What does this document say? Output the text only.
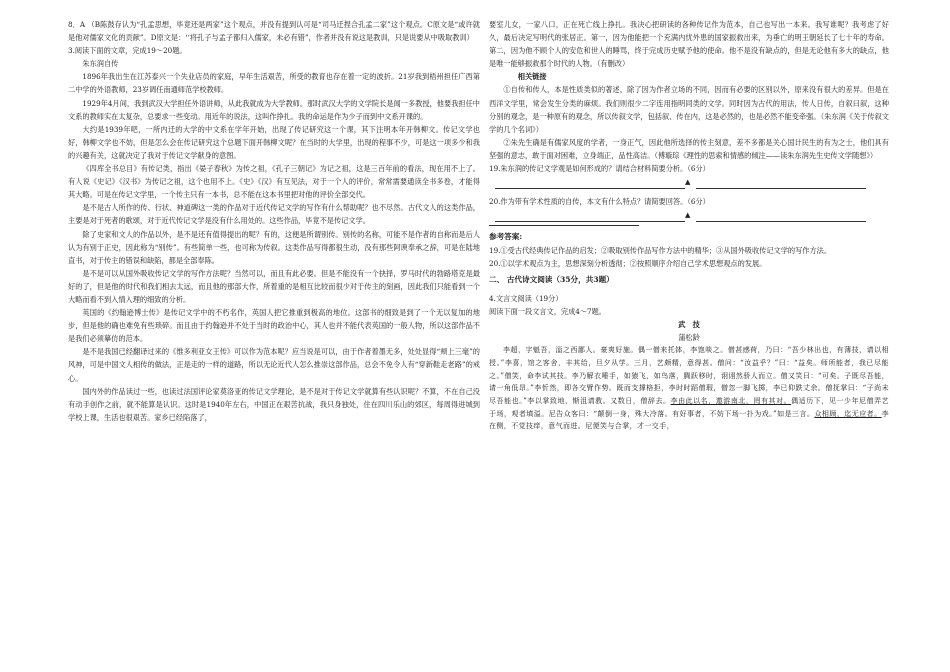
8．A （B陈鼓存认为“孔孟思想，毕竟还是两家”这个观点，并没有提到认可是“司马迁捏合孔孟二家”这个观点。C原文是“或许就是他对儒家文化的贡献”。D原文是：‘‘将孔子与孟子都归入儒家，未必有错”，作者并没有说这是教训，只是说要从中吸取教训）

3.阅读下面的文章，完成19～20题。

朱东润自传

1896年我出生在江苏泰兴一个失业店员的家庭，早年生活艰苦，所受的教育也存在着一定的波折。21岁我到梧州担任广西第二中学的外语教师，23岁调任南通师范学校教师。

1929年4月间，我到武汉大学担任外语讲师，从此我就成为大学教师。那时武汉大学的文学院长是闻一多教授，他要我担任中文系的教师实在太复杂，总要求一些变动。用近年的说法，这叫作挣扎。我的命运是作为少子而到中文系开课的。

大约是1939年吧，一所内迁的大学的中文系在学年开始，出现了传记研究这一个课，其下注明本年开韩柳文。传记文学也好，韩柳文学也不妨，但是怎么会在传记研究这个总题下面开韩柳文呢？在当时的大学里，出现的程事不少，可是这一项多少和我的兴趣有关，这就决定了我对于传记文学献身的意图。

《四库全书总目》有传记类，指出《晏子春秋》为传之祖，《孔子三朝记》为记之祖，这是三百年前的看法，现在用不上了。有人说《史记》《汉书》为传记之祖，这个也用不上。《史》《汉》有互见法，对于一个人的评价，常常需要通读全书多卷，才能得其大略。可是在传记文学里，一个传主只有一本书，总不能在这本书里把对他的评价全部交代。

是不是古人所作的传、行状、神道碑这一类的作品对于近代传记文学的写作有什么帮助呢？也不尽然。古代文人的这类作品，主要是对于死者的歌颂，对于近代传记文学是没有什么用处的。这些作品，毕竟不是传记文学。

除了史家和文人的作品以外，是不是还有值得提出的呢？有的，这便是所谓别传。别传的名称，可能不是作者的自称而是后人认为有别于正史，因此称为“别传”。有些简单一些，也可称为传叙。这类作品写得都很生动，没有那些阿谀奉承之辞，可是在陆地直书，对于传主的错误和缺陷，都是全部奉陈。

是不是可以从国外吸收传记文学的写作方法呢？当然可以，而且有此必要。但是不能没有一个抉择，罗马时代的勃路塔克是最好的了，但是他的时代和我们相去太远，而且他的那部大作，所着重的是相互比较而很少对于传主的刻画，因此我们只能看到一个大略而看不到入情入理的细致的分析。

英国的《约翰逊博士传》是传记文学中的不朽名作，英国人把它推重到极高的地位。这部书的细致是到了一个无以复加的地步，但是他的确也难免有些琐碎。而且由于约翰逊并不处于当时的政治中心，其人也并不能代表英国的一般人物，所以这部作品不是我们必须摹仿的范本。

是不是我国已经翻译过来的《维多利亚女王传》可以作为范本呢？应当说是可以，由于作者着墨无多，处处显得“颊上三毫”的风神，可是中国文人相传的做法，正是走的一样的道路，所以无论近代人怎么推崇这部作品，总会不免令人有“穿新鞋走老路”的戒心。

国内外的作品读过一些，也读过法国评论家莫洛亚的传记文学理论，是不是对于传记文学就算有些认识呢？不算，不在自己没有动手创作之前，就不能算是认识。这时是1940年左右，中国正在艰苦抗战，我只身独处，住在四川乐山的郊区，每周得进城到学校上课，生活也很艰苦。家乡已经陷落了，

要室儿女，一家八口，正在死亡线上挣扎。我决心把研读的各种传记作为范本，自己也写出一本来。我写谁呢？我考虑了好久，最后决定写明代的张居正。第一，因为他能把一个充满内忧外患的国家振救出来，为垂亡的明王朝延长了七十年的寿命。第二，因为他不顾个人的安危和世人的睡骂，终于完成历史赋予他的使命。他不是没有缺点的，但是无论他有多大的缺点，他是唯一能够振救那个时代的人物。（有删改）

相关链接

①自传和传人，本是性质类似的著述，除了因为作者立场的不同，因而有必要的区别以外，原来没有很大的差异。但是在西洋文学里，常会发生分类的麻烦。我们则很少二字连用指明同类的文学。同时因为古代的用法，传人日传，自叙曰叙，这种分别的观念，是一种原有的观念，所以传叙文学，包括叙、传在内，这是必然的，也是必然不能变牵强。（朱东润《关于传叙文学的几个名词》）

②朱先生确是有儒家风度的学者，一身正气，因此他所选择的传主刻意，差不多都是关心国计民生的有为之士，他们具有坚强的意志，敢于面对困难，立身端正，品性高洁。（傅璇琮《理性的思索和情感的倾注——读朱东润先生史传文学随想》）

19.朱东润的传记文学观是如何形成的？请结合材料简要分析。（6分）

▲

20.作为带有学术性质的自传，本文有什么特点？请简要回答。（6分）

▲

参考答案:

19.①受古代经典传记作品的启发；②吸取别传作品写作方法中的精华；③从国外吸收传记文学的写作方法。

20.①以学术观点为主，思想深刻分析透彻；②按照顺序介绍自己学术思想观点的发展。

二、 古代诗文阅读（35分，共3题）

4.文言文阅读（19分）

阅读下面一段文言文，完成4～7题。

武　技

蒲松龄

李超，字魁吾，淄之西鄙人。豪爽好施。偶一僧来托钵，李饱啖之。僧甚感荷，乃曰：“吾少林出也，有薄技，请以相授。”李喜，馆之客舍，丰其给，旦夕从学。三月，艺颇精，意得甚。僧问：“汝益乎？”曰：“益矣。师所能者，我已尽能之。”僧笑，命李试其技。李乃解衣唾手，如猿飞，如鸟落，腾跃移时，诩诩然骄人而立。僧又笑曰：“可矣。子既尽吾能，请一角低昂。”李忻然，即各交臂作势。既而支撑格拒，李时时蹈僧瑕，僧忽一脚飞掷，李已仰跌丈余。僧抚掌曰：“子尚未尽吾能也。”李以掌致地，惭沮请教。又数日，僧辞去。李由此以名，遨游南北，罔有其对。偶适历下，见一少年尼僧弄艺于场，观者填溢。尼告众客曰：“颠倒一身，殊大冷落。有好事者，不妨下场一扑为戏。”如是三言。众相顾，迄无应者。李在侧，不觉技痒，意气而进。尼便笑与合掌，才一交手，
